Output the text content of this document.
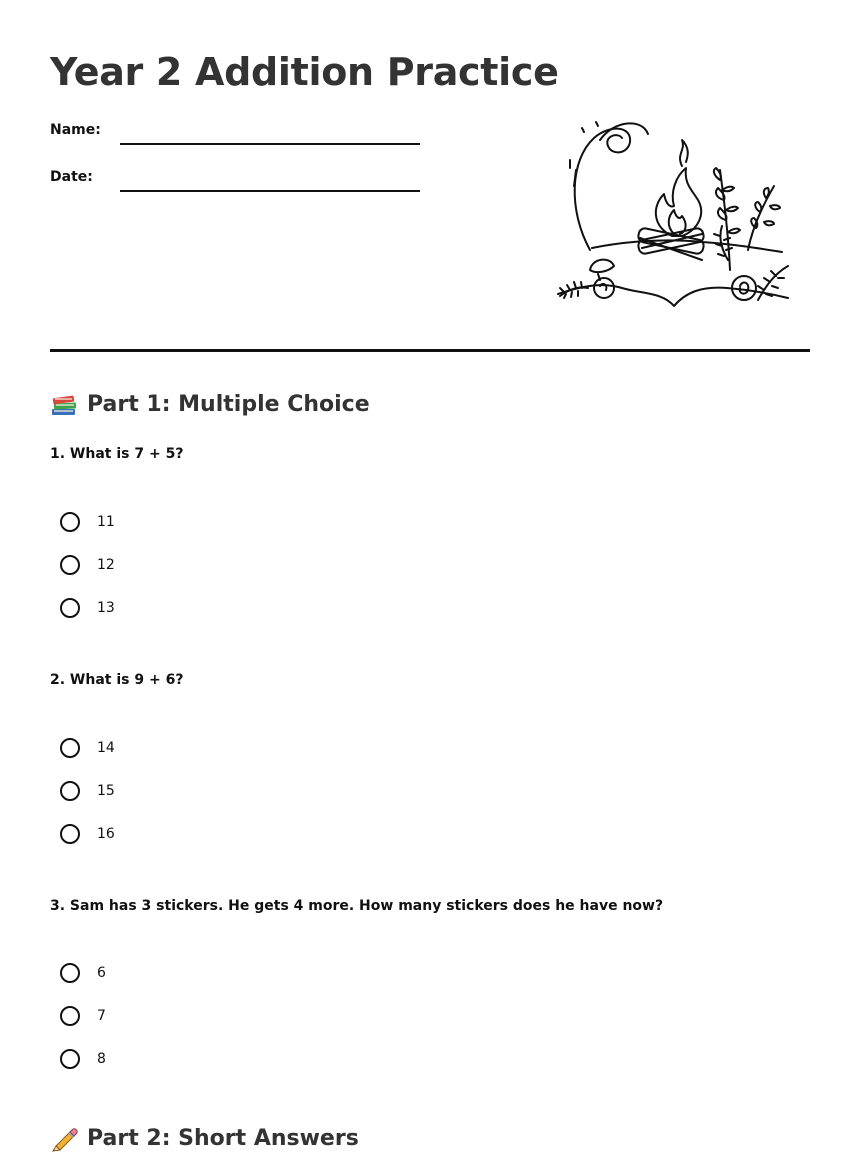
Year 2 Addition Practice
Name:
Date:
Part 1: Multiple Choice

1. What is 7 + 5?

11
12
13

2. What is 9 + 6?

14
15
16

3. Sam has 3 stickers. He gets 4 more. How many stickers does he have now?

6
7
8
Part 2: Short Answers
